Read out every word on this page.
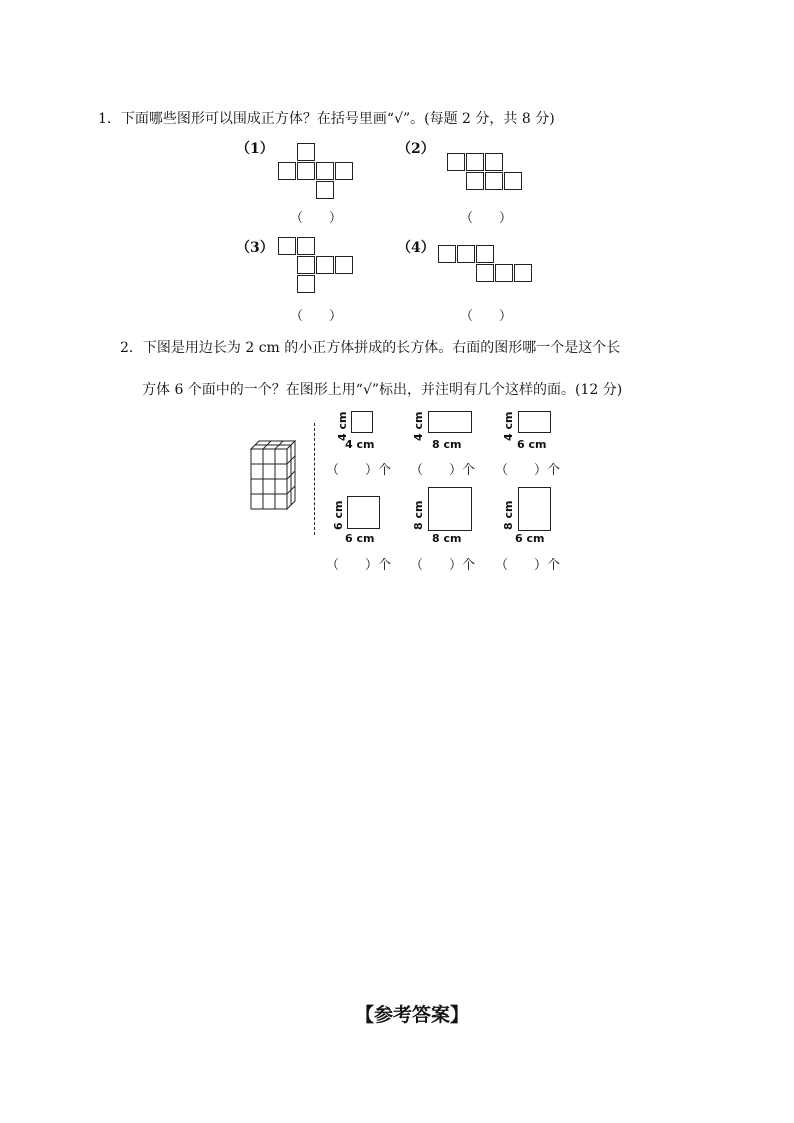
1．下面哪些图形可以围成正方体？在括号里画“√”。(每题 2 分，共 8 分)
（1）
（　　）
（2）
（　　）
（3）
（　　）
（4）
（　　）
2．下图是用边长为 2 cm 的小正方体拼成的长方体。右面的图形哪一个是这个长
方体 6 个面中的一个？在图形上用“√”标出，并注明有几个这样的面。(12 分)
4 cm
4 cm
（　　）个
4 cm
8 cm
（　　）个
4 cm
6 cm
（　　）个
6 cm
6 cm
（　　）个
8 cm
8 cm
（　　）个
8 cm
6 cm
（　　）个
【参考答案】
